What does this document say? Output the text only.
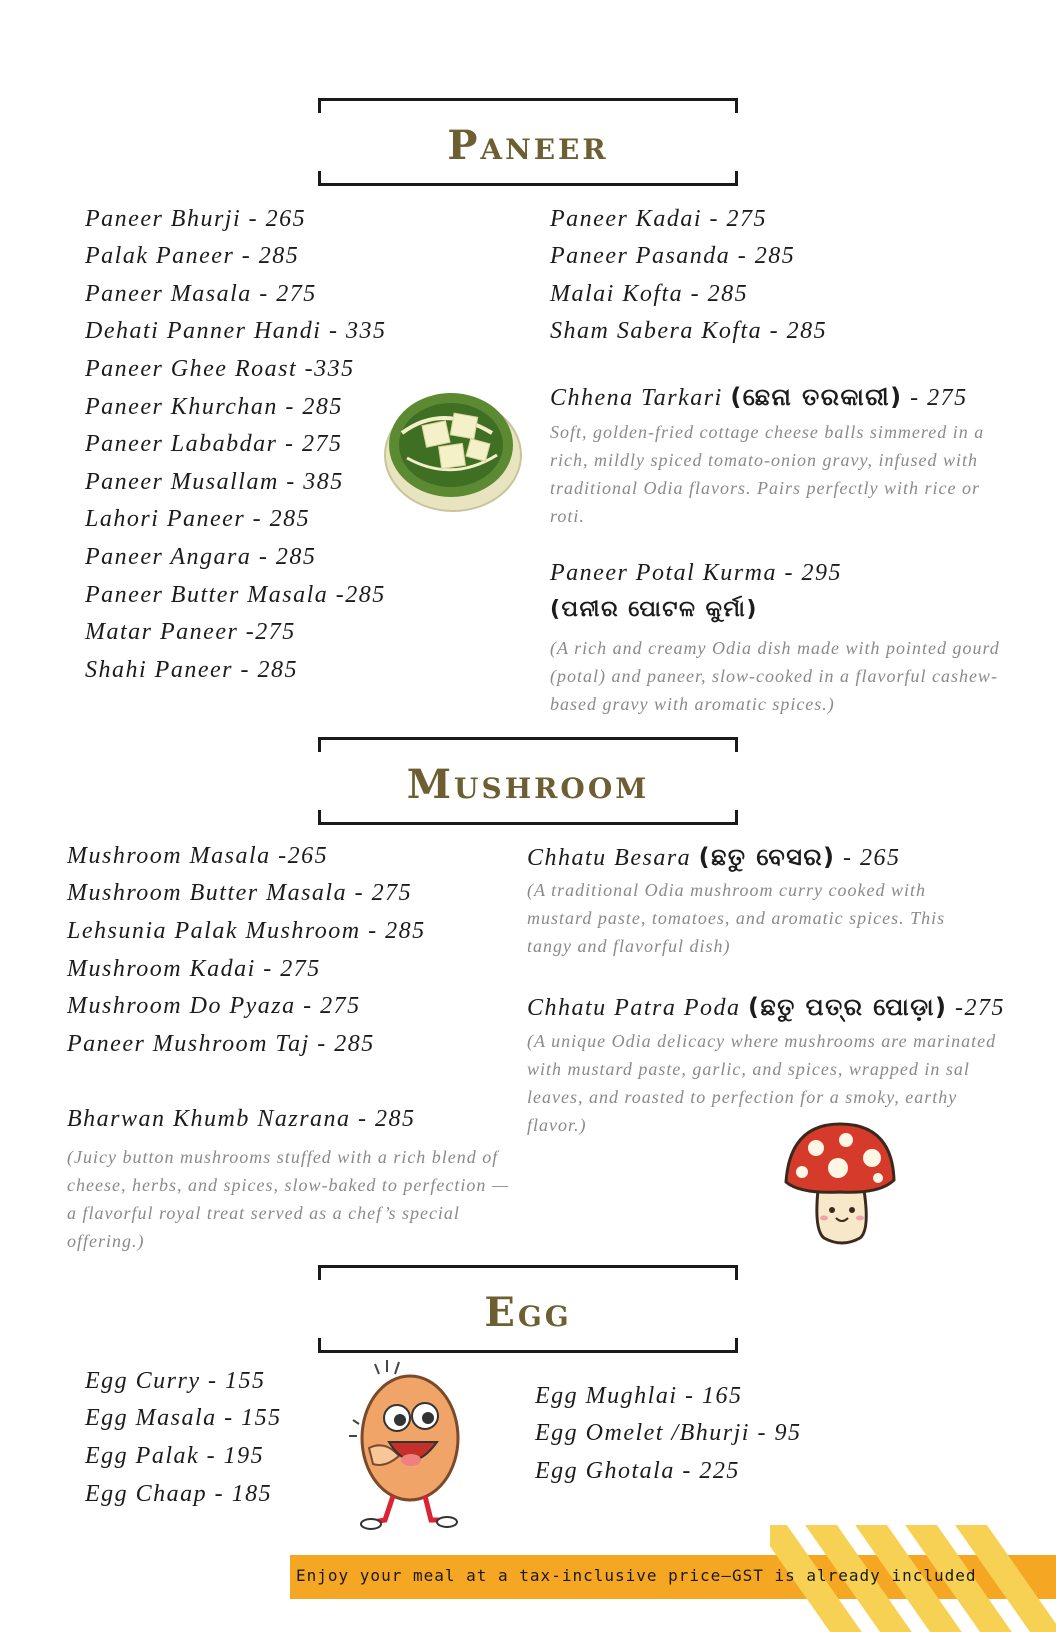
Paneer
Paneer Bhurji - 265
Palak Paneer - 285
Paneer Masala - 275
Dehati Panner Handi - 335
Paneer Ghee Roast -335
Paneer Khurchan - 285
Paneer Lababdar - 275
Paneer Musallam - 385
Lahori Paneer - 285
Paneer Angara - 285
Paneer Butter Masala -285
Matar Paneer -275
Shahi Paneer - 285
Paneer Kadai - 275
Paneer Pasanda - 285
Malai Kofta - 285
Sham Sabera Kofta - 285
Chhena Tarkari (ଛେନା ତରକାରୀ) - 275
Soft, golden-fried cottage cheese balls simmered in a rich, mildly spiced tomato-onion gravy, infused with traditional Odia flavors. Pairs perfectly with rice or roti.
Paneer Potal Kurma - 295
(ପନୀର ପୋଟଳ କୁର୍ମା)
(A rich and creamy Odia dish made with pointed gourd (potal) and paneer, slow-cooked in a flavorful cashew-based gravy with aromatic spices.)
Mushroom
Mushroom Masala -265
Mushroom Butter Masala - 275
Lehsunia Palak Mushroom - 285
Mushroom Kadai - 275
Mushroom Do Pyaza - 275
Paneer Mushroom Taj - 285
Bharwan Khumb Nazrana - 285
(Juicy button mushrooms stuffed with a rich blend of cheese, herbs, and spices, slow-baked to perfection — a flavorful royal treat served as a chef’s special offering.)
Chhatu Besara (ଛତୁ ବେସର) - 265
(A traditional Odia mushroom curry cooked with mustard paste, tomatoes, and aromatic spices. This tangy and flavorful dish)
Chhatu Patra Poda (ଛତୁ ପତ୍ର ପୋଡ଼ା) -275
(A unique Odia delicacy where mushrooms are marinated with mustard paste, garlic, and spices, wrapped in sal leaves, and roasted to perfection for a smoky, earthy flavor.)
Egg
Egg Curry - 155
Egg Masala - 155
Egg Palak - 195
Egg Chaap - 185
Egg Mughlai - 165
Egg Omelet /Bhurji - 95
Egg Ghotala - 225
Enjoy your meal at a tax-inclusive price—GST is already included
